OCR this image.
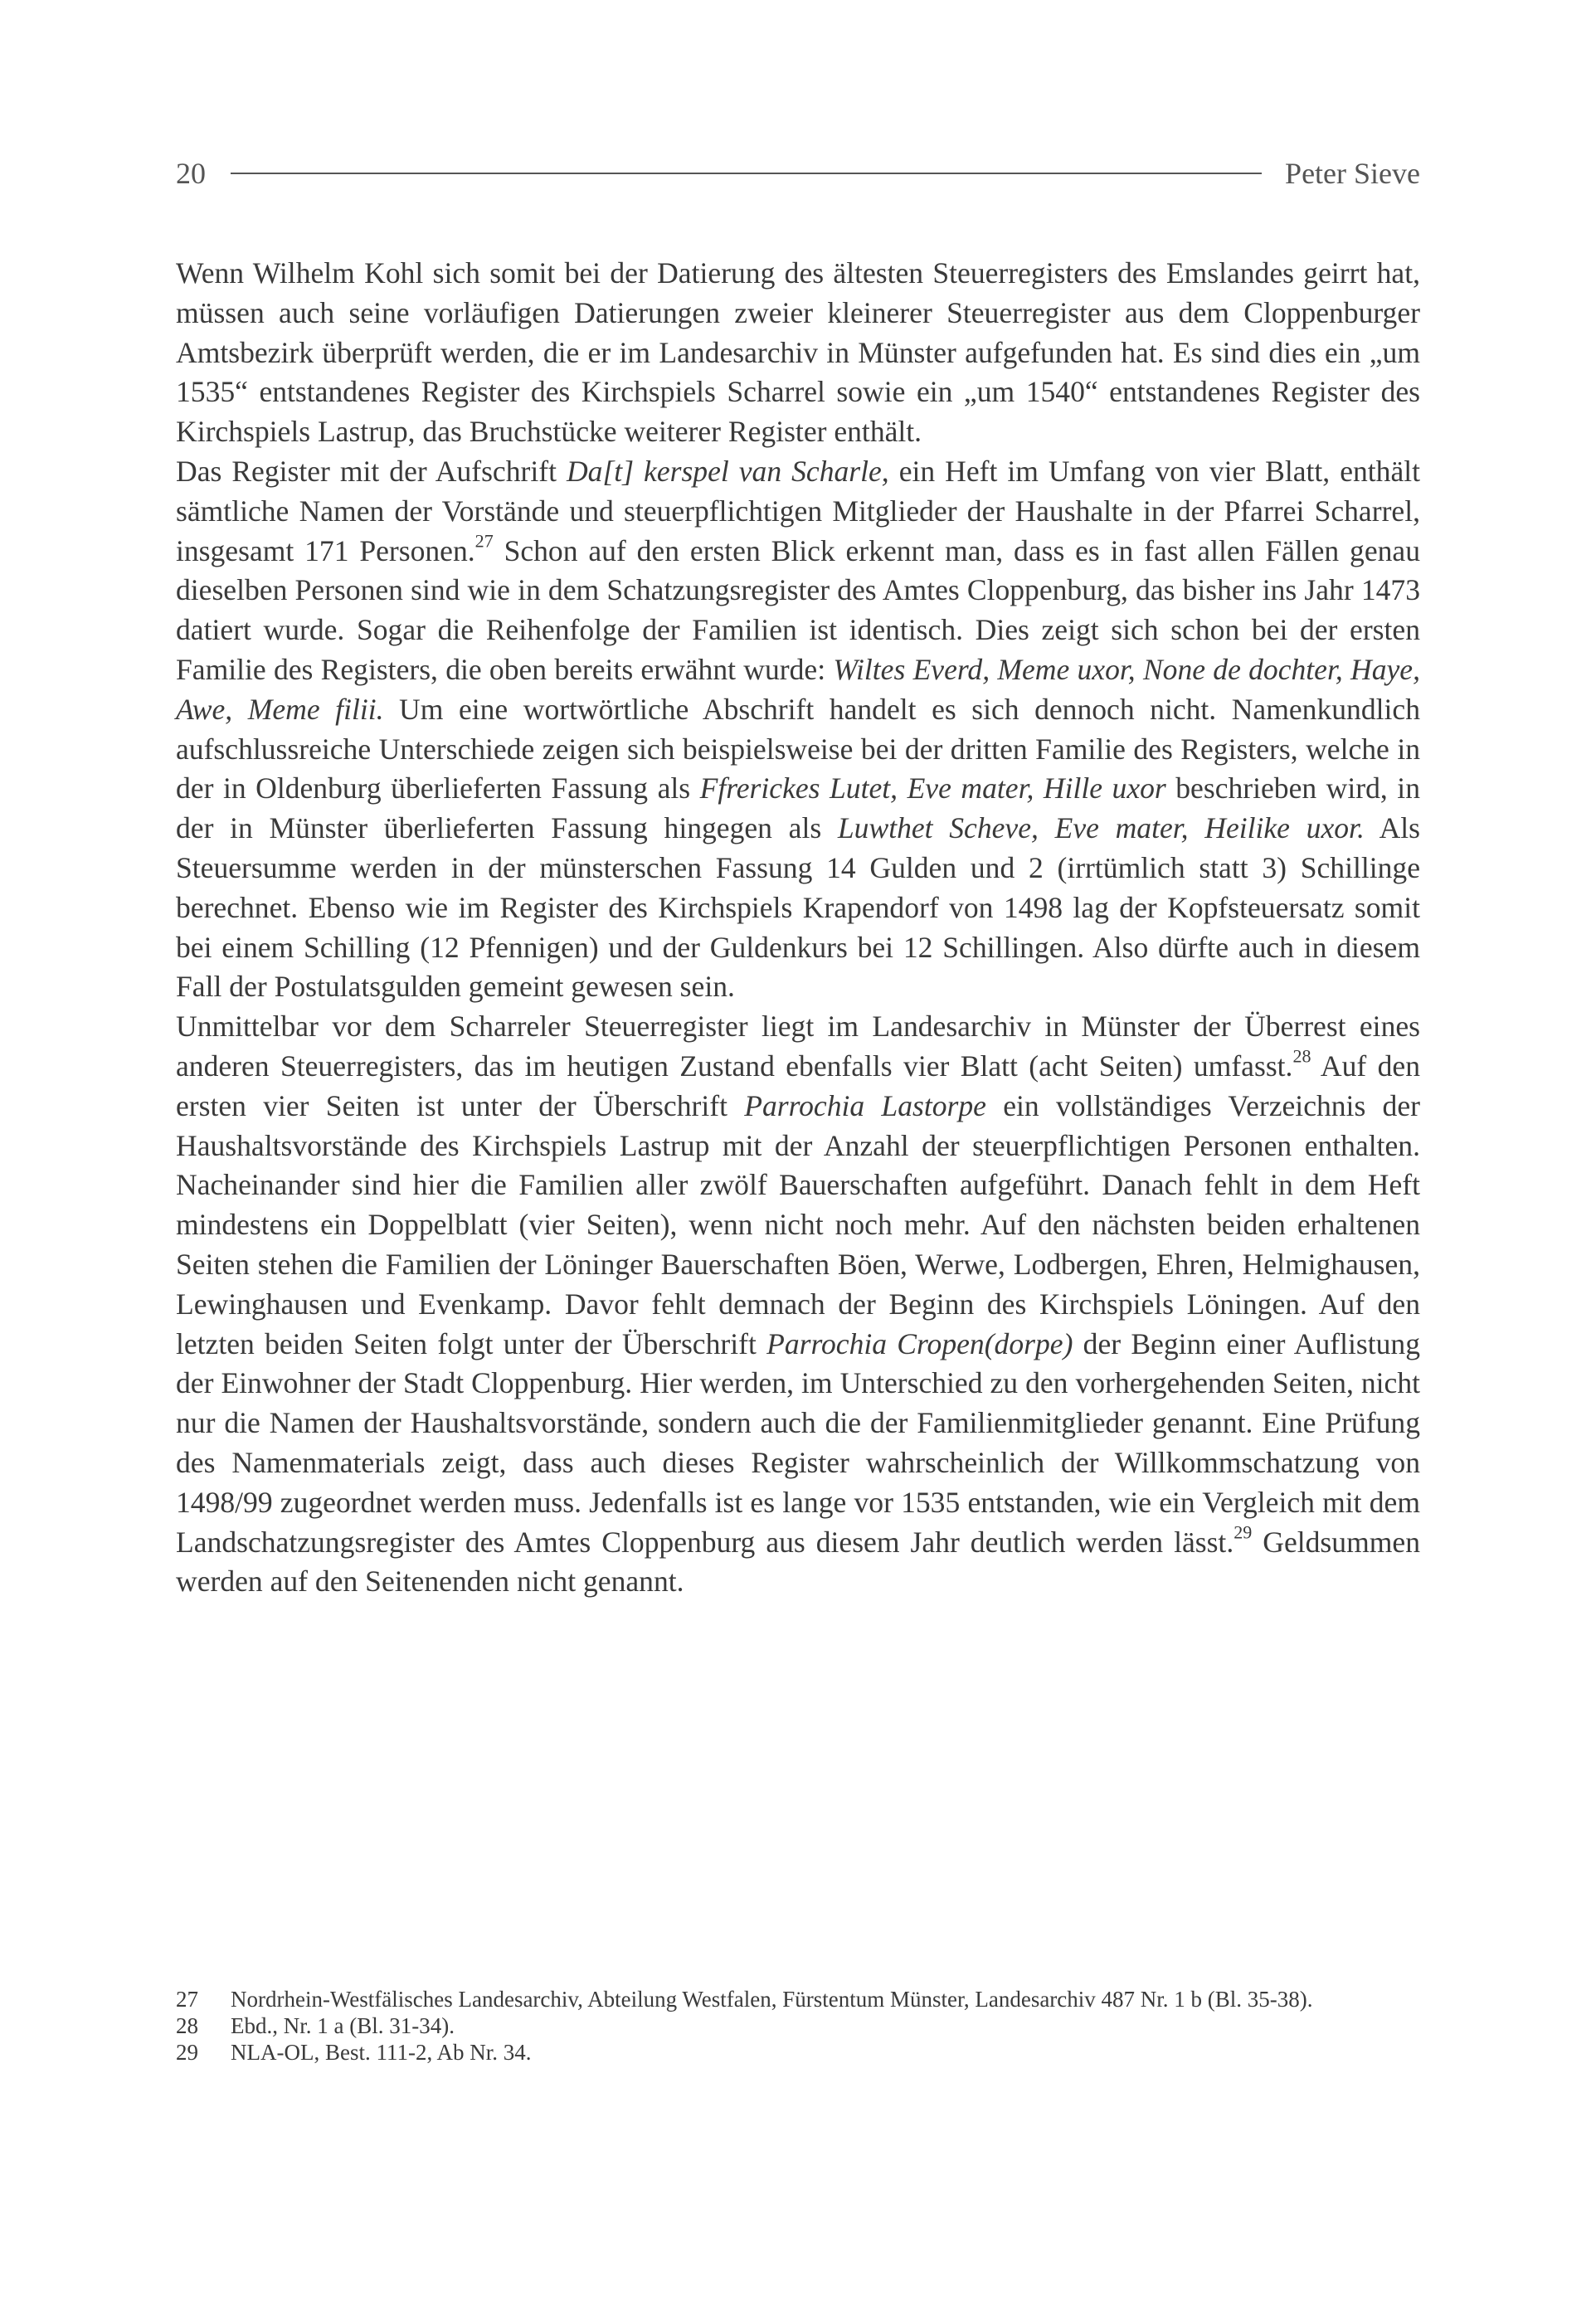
20	Peter Sieve

Wenn Wilhelm Kohl sich somit bei der Datierung des ältesten Steuerregisters des Emslandes geirrt hat, müssen auch seine vorläufigen Datierungen zweier kleinerer Steuerregister aus dem Cloppenburger Amtsbezirk überprüft werden, die er im Landesarchiv in Münster aufgefunden hat. Es sind dies ein „um 1535“ entstandenes Register des Kirchspiels Scharrel sowie ein „um 1540“ entstandenes Register des Kirchspiels Lastrup, das Bruchstücke weiterer Register enthält.

Das Register mit der Aufschrift Da[t] kerspel van Scharle, ein Heft im Umfang von vier Blatt, enthält sämtliche Namen der Vorstände und steuerpflichtigen Mitglieder der Haushalte in der Pfarrei Scharrel, insgesamt 171 Personen.$^{27}$ Schon auf den ersten Blick erkennt man, dass es in fast allen Fällen genau dieselben Personen sind wie in dem Schatzungsregister des Amtes Cloppenburg, das bisher ins Jahr 1473 datiert wurde. Sogar die Reihenfolge der Familien ist identisch. Dies zeigt sich schon bei der ersten Familie des Registers, die oben bereits erwähnt wurde: Wiltes Everd, Meme uxor, None de dochter, Haye, Awe, Meme filii. Um eine wortwörtliche Abschrift handelt es sich dennoch nicht. Namenkundlich aufschlussreiche Unterschiede zeigen sich beispielsweise bei der dritten Familie des Registers, welche in der in Oldenburg überlieferten Fassung als Ffrerickes Lutet, Eve mater, Hille uxor beschrieben wird, in der in Münster überlieferten Fassung hingegen als Luwthet Scheve, Eve mater, Heilike uxor. Als Steuersumme werden in der münsterschen Fassung 14 Gulden und 2 (irrtümlich statt 3) Schillinge berechnet. Ebenso wie im Register des Kirchspiels Krapendorf von 1498 lag der Kopfsteuersatz somit bei einem Schilling (12 Pfennigen) und der Guldenkurs bei 12 Schillingen. Also dürfte auch in diesem Fall der Postulatsgulden gemeint gewesen sein.

Unmittelbar vor dem Scharreler Steuerregister liegt im Landesarchiv in Münster der Überrest eines anderen Steuerregisters, das im heutigen Zustand ebenfalls vier Blatt (acht Seiten) umfasst.$^{28}$ Auf den ersten vier Seiten ist unter der Überschrift Parrochia Lastorpe ein vollständiges Verzeichnis der Haushaltsvorstände des Kirchspiels Lastrup mit der Anzahl der steuerpflichtigen Personen enthalten. Nacheinander sind hier die Familien aller zwölf Bauerschaften aufgeführt. Danach fehlt in dem Heft mindestens ein Doppelblatt (vier Seiten), wenn nicht noch mehr. Auf den nächsten beiden erhaltenen Seiten stehen die Familien der Löninger Bauerschaften Böen, Werwe, Lodbergen, Ehren, Helmighausen, Lewinghausen und Evenkamp. Davor fehlt demnach der Beginn des Kirchspiels Löningen. Auf den letzten beiden Seiten folgt unter der Überschrift Parrochia Cropen(dorpe) der Beginn einer Auflistung der Einwohner der Stadt Cloppenburg. Hier werden, im Unterschied zu den vorhergehenden Seiten, nicht nur die Namen der Haushaltsvorstände, sondern auch die der Familienmitglieder genannt. Eine Prüfung des Namenmaterials zeigt, dass auch dieses Register wahrscheinlich der Willkommschatzung von 1498/99 zugeordnet werden muss. Jedenfalls ist es lange vor 1535 entstanden, wie ein Vergleich mit dem Landschatzungsregister des Amtes Cloppenburg aus diesem Jahr deutlich werden lässt.$^{29}$ Geldsummen werden auf den Seitenenden nicht genannt.

27	Nordrhein-Westfälisches Landesarchiv, Abteilung Westfalen, Fürstentum Münster, Landesarchiv 487 Nr. 1 b (Bl. 35-38).
28	Ebd., Nr. 1 a (Bl. 31-34).
29	NLA-OL, Best. 111-2, Ab Nr. 34.
